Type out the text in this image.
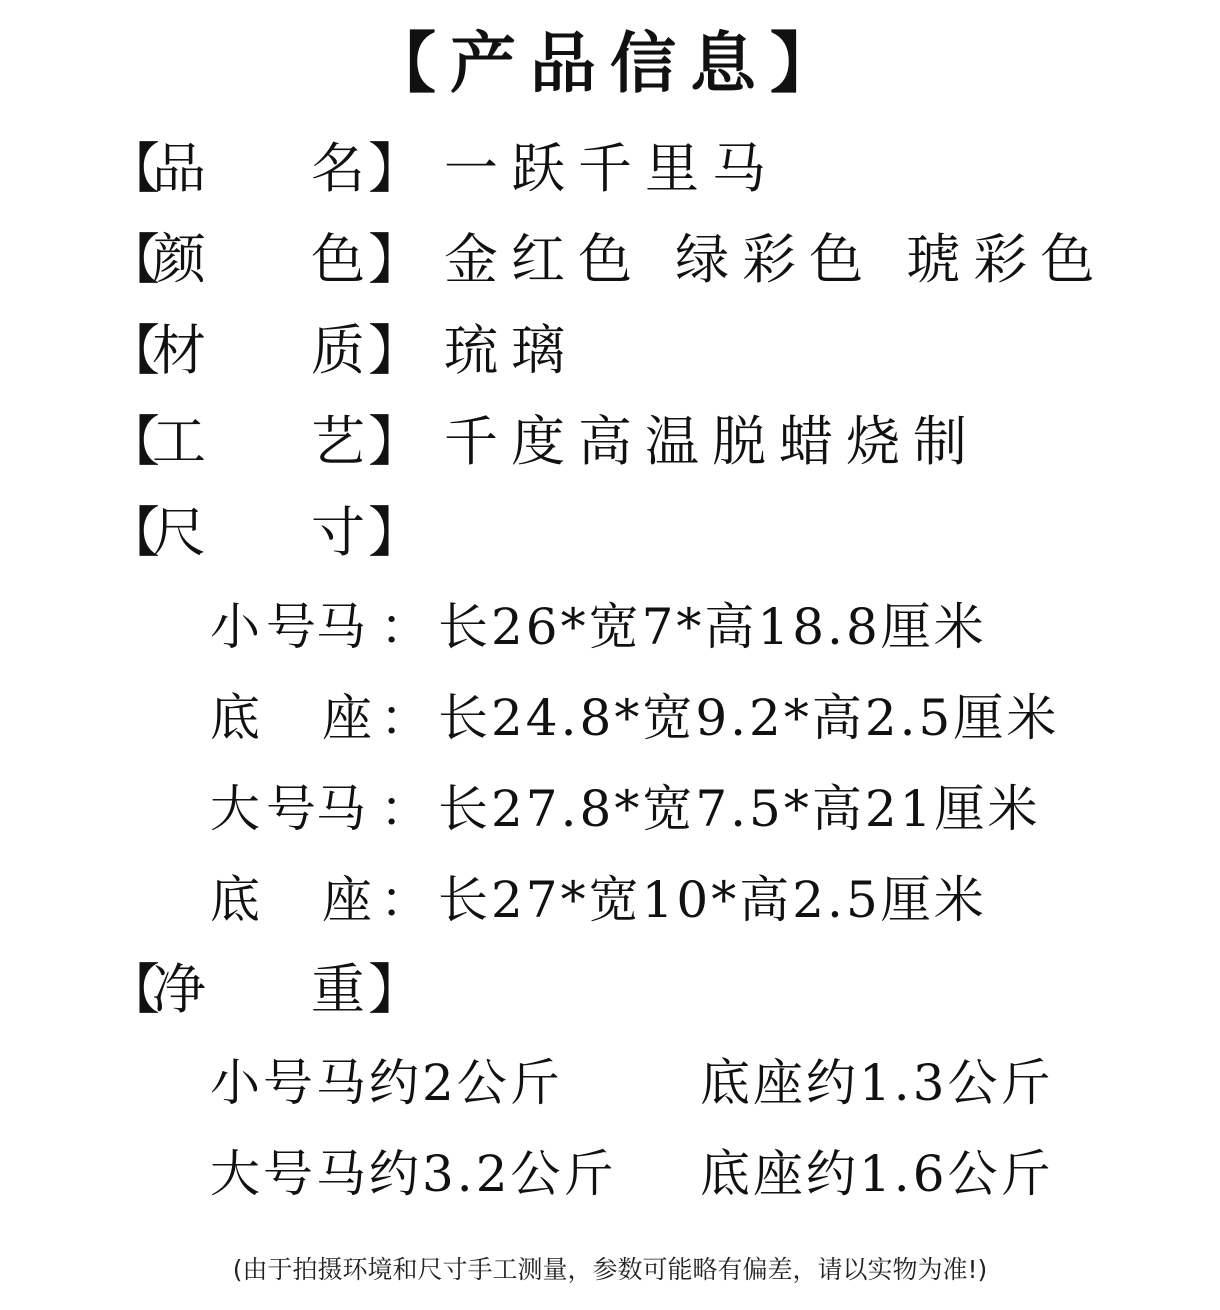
【产品信息】
【
品 名 】 一跃千里马
【
颜 色 】 金红色 绿彩色 琥彩色
【
材 质 】 琉璃
【
工 艺 】 千度高温脱蜡烧制
【
尺 寸 】
小 号马 ： 长26*宽7*高18.8厘米
底 座 ： 长24.8*宽9.2*高2.5厘米
大 号马 ： 长27.8*宽7.5*高21厘米
底 座 ： 长27*宽10*高2.5厘米
【
净 重 】
小号马约2公斤	底座约1.3公斤
大号马约3.2公斤 底座约1.6公斤
(由于拍摄环境和尺寸手工测量，参数可能略有偏差，请以实物为准!)
